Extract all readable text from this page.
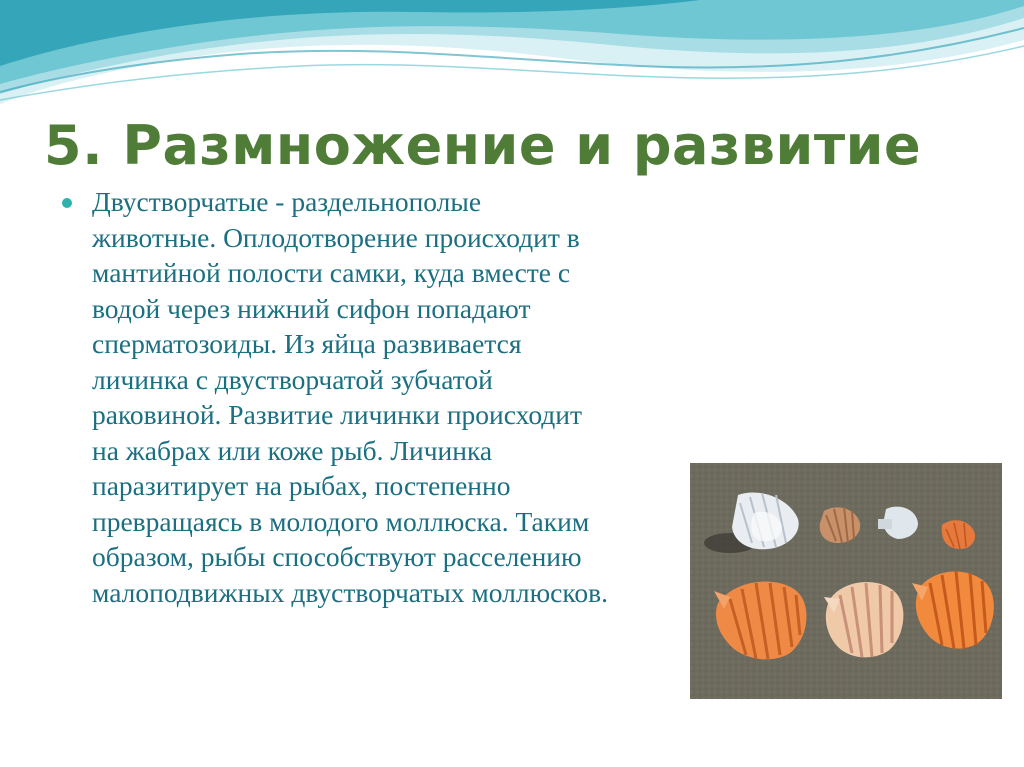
5. Размножение и развитие

Двустворчатые - раздельнополые
животные. Оплодотворение происходит в
мантийной полости самки, куда вместе с
водой через нижний сифон попадают
сперматозоиды. Из яйца развивается
личинка с двустворчатой зубчатой
раковиной. Развитие личинки происходит
на жабрах или коже рыб. Личинка
паразитирует на рыбах, постепенно
превращаясь в молодого моллюска. Таким
образом, рыбы способствуют расселению
малоподвижных двустворчатых моллюсков.
